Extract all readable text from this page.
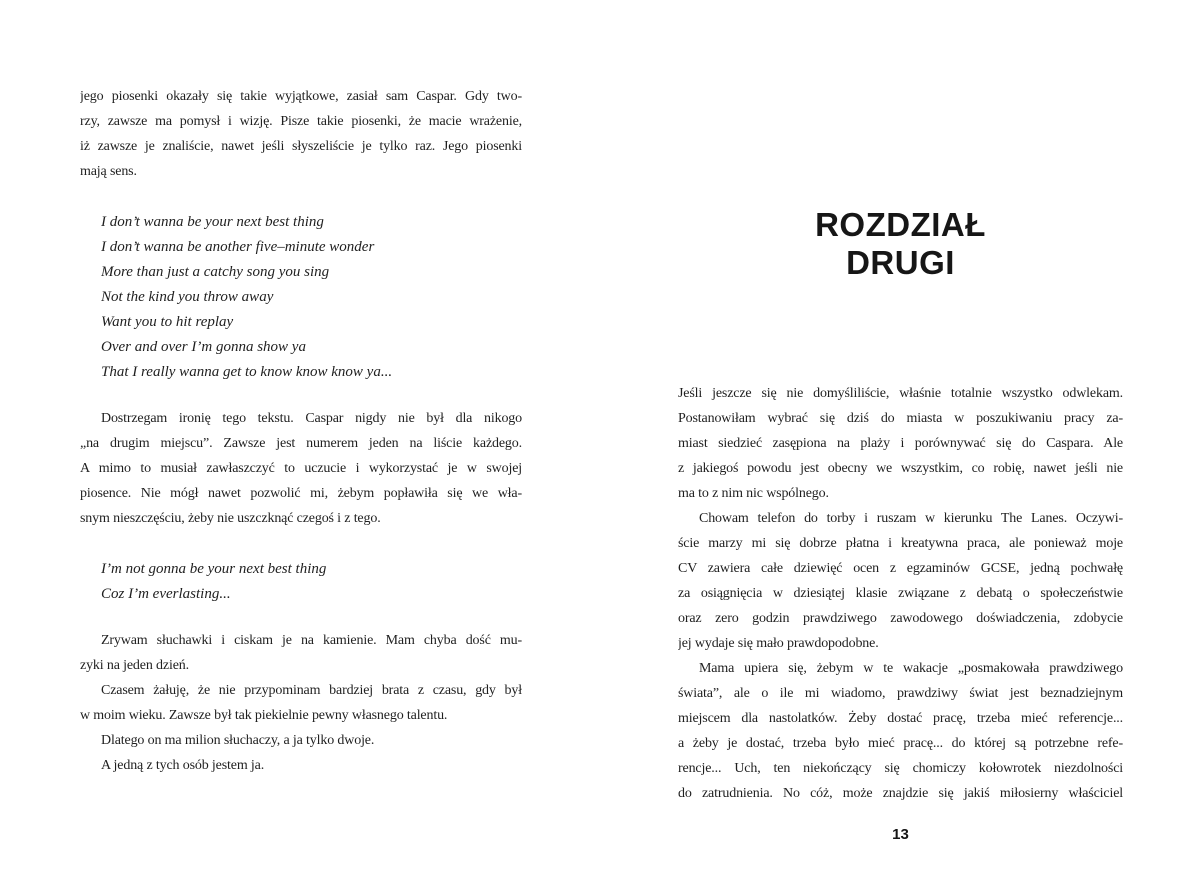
jego piosenki okazały się takie wyjątkowe, zasiał sam Caspar. Gdy two-
rzy, zawsze ma pomysł i wizję. Pisze takie piosenki, że macie wrażenie,
iż zawsze je znaliście, nawet jeśli słyszeliście je tylko raz. Jego piosenki
mają sens.
I don’t wanna be your next best thing
I don’t wanna be another five–minute wonder
More than just a catchy song you sing
Not the kind you throw away
Want you to hit replay
Over and over I’m gonna show ya
That I really wanna get to know know know ya...
Dostrzegam ironię tego tekstu. Caspar nigdy nie był dla nikogo
„na drugim miejscu”. Zawsze jest numerem jeden na liście każdego.
A mimo to musiał zawłaszczyć to uczucie i wykorzystać je w swojej
piosence. Nie mógł nawet pozwolić mi, żebym popławiła się we wła-
snym nieszczęściu, żeby nie uszczknąć czegoś i z tego.
I’m not gonna be your next best thing
Coz I’m everlasting...
Zrywam słuchawki i ciskam je na kamienie. Mam chyba dość mu-
zyki na jeden dzień.
Czasem żałuję, że nie przypominam bardziej brata z czasu, gdy był
w moim wieku. Zawsze był tak piekielnie pewny własnego talentu.
Dlatego on ma milion słuchaczy, a ja tylko dwoje.
A jedną z tych osób jestem ja.
ROZDZIAŁ
DRUGI
Jeśli jeszcze się nie domyśliliście, właśnie totalnie wszystko odwlekam.
Postanowiłam wybrać się dziś do miasta w poszukiwaniu pracy za-
miast siedzieć zasępiona na plaży i porównywać się do Caspara. Ale
z jakiegoś powodu jest obecny we wszystkim, co robię, nawet jeśli nie
ma to z nim nic wspólnego.
Chowam telefon do torby i ruszam w kierunku The Lanes. Oczywi-
ście marzy mi się dobrze płatna i kreatywna praca, ale ponieważ moje
CV zawiera całe dziewięć ocen z egzaminów GCSE, jedną pochwałę
za osiągnięcia w dziesiątej klasie związane z debatą o społeczeństwie
oraz zero godzin prawdziwego zawodowego doświadczenia, zdobycie
jej wydaje się mało prawdopodobne.
Mama upiera się, żebym w te wakacje „posmakowała prawdziwego
świata”, ale o ile mi wiadomo, prawdziwy świat jest beznadziejnym
miejscem dla nastolatków. Żeby dostać pracę, trzeba mieć referencje...
a żeby je dostać, trzeba było mieć pracę... do której są potrzebne refe-
rencje... Uch, ten niekończący się chomiczy kołowrotek niezdolności
do zatrudnienia. No cóż, może znajdzie się jakiś miłosierny właściciel
13
